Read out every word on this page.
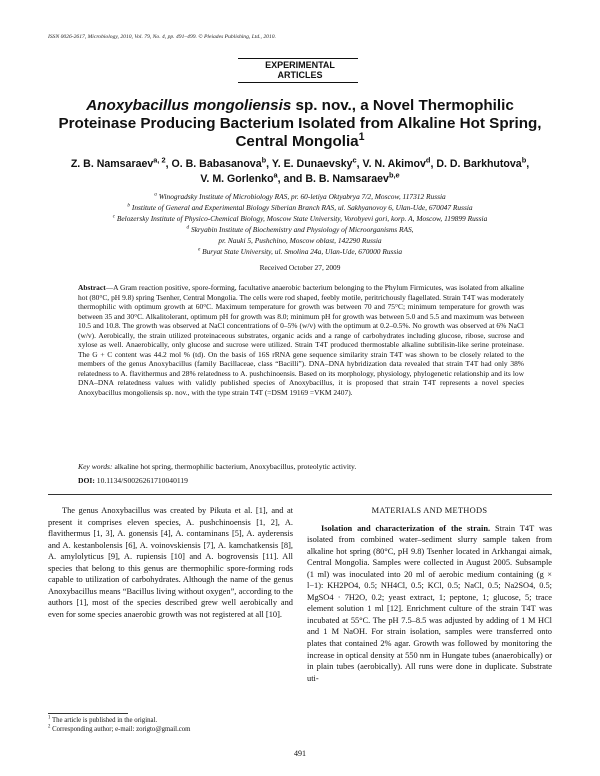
ISSN 0026-2617, Microbiology, 2010, Vol. 79, No. 4, pp. 491–499. © Pleiades Publishing, Ltd., 2010.
EXPERIMENTAL
ARTICLES
Anoxybacillus mongoliensis sp. nov., a Novel Thermophilic
Proteinase Producing Bacterium Isolated from Alkaline Hot Spring,
Central Mongolia$^1$
Z. B. Namsaraev$^{a, 2}$, O. B. Babasanova$^b$, Y. E. Dunaevsky$^c$, V. N. Akimov$^d$, D. D. Barkhutova$^b$,
V. M. Gorlenko$^a$, and B. B. Namsaraev$^{b,e}$
$^a$ Winogradsky Institute of Microbiology RAS, pr. 60-letiya Oktyabrya 7/2, Moscow, 117312 Russia
$^b$ Institute of General and Experimental Biology Siberian Branch RAS, ul. Sakhyanovoy 6, Ulan-Ude, 670047 Russia
$^c$ Belozersky Institute of Physico-Chemical Biology, Moscow State University, Vorobyevi gori, korp. A, Moscow, 119899 Russia
$^d$ Skryabin Institute of Biochemistry and Physiology of Microorganisms RAS,
pr. Nauki 5, Pushchino, Moscow oblast, 142290 Russia
$^e$ Buryat State University, ul. Smolina 24a, Ulan-Ude, 670000 Russia
Received October 27, 2009
Abstract—A Gram reaction positive, spore-forming, facultative anaerobic bacterium belonging to the Phylum Firmicutes, was isolated from alkaline hot (80°C, pH 9.8) spring Tsenher, Central Mongolia. The cells were rod shaped, feebly motile, peritrichously flagellated. Strain T4T was moderately thermophilic with optimum growth at 60°C. Maximum temperature for growth was between 70 and 75°C; minimum temperature for growth was between 35 and 30°C. Alkalitolerant, optimum pH for growth was 8.0; minimum pH for growth was between 5.0 and 5.5 and maximum was between 10.5 and 10.8. The growth was observed at NaCl concentrations of 0–5% (w/v) with the optimum at 0.2–0.5%. No growth was observed at 6% NaCl (w/v). Aerobically, the strain utilized proteinaceous substrates, organic acids and a range of carbohydrates including glucose, ribose, sucrose and xylose as well. Anaerobically, only glucose and sucrose were utilized. Strain T4T produced thermostable alkaline subtilisin-like serine proteinase. The G + C content was 44.2 mol % (td). On the basis of 16S rRNA gene sequence similarity strain T4T was shown to be closely related to the members of the genus Anoxybacillus (family Bacillaceae, class “Bacilli”). DNA–DNA hybridization data revealed that strain T4T had only 38% relatedness to A. flavithermus and 28% relatedness to A. pushchinoensis. Based on its morphology, physiology, phylogenetic relationship and its low DNA–DNA relatedness values with validly published species of Anoxybacillus, it is proposed that strain T4T represents a novel species Anoxybacillus mongoliensis sp. nov., with the type strain T4T (=DSM 19169 =VKM 2407).
Key words: alkaline hot spring, thermophilic bacterium, Anoxybacillus, proteolytic activity.
DOI: 10.1134/S0026261710040119

The genus Anoxybacillus was created by Pikuta et al. [1], and at present it comprises eleven species, A. pushchinoensis [1, 2], A. flavithermus [1, 3], A. gonensis [4], A. contaminans [5], A. ayderensis and A. kestanbolensis [6], A. voinovskiensis [7], A. kamchatkensis [8], A. amylolyticus [9], A. rupiensis [10] and A. bogrovensis [11]. All species that belong to this genus are thermophilic spore-forming rods capable to utilization of carbohydrates. Although the name of the genus Anoxybacillus means “Bacillus living without oxygen”, according to the authors [1], most of the species described grew well aerobically and even for some species anaerobic growth was not registered at all [10].

MATERIALS AND METHODS

Isolation and characterization of the strain. Strain T4T was isolated from combined water–sediment slurry sample taken from alkaline hot spring (80°C, pH 9.8) Tsenher located in Arkhangai aimak, Central Mongolia. Samples were collected in August 2005. Subsample (1 ml) was inoculated into 20 ml of aerobic medium containing (g × l−1): KH2PO4, 0.5; NH4Cl, 0.5; KCl, 0.5; NaCl, 0.5; Na2SO4, 0.5; MgSO4 · 7H2O, 0.2; yeast extract, 1; peptone, 1; glucose, 5; trace element solution 1 ml [12]. Enrichment culture of the strain T4T was incubated at 55°C. The pH 7.5–8.5 was adjusted by adding of 1 M HCl and 1 M NaOH. For strain isolation, samples were transferred onto plates that contained 2% agar. Growth was followed by monitoring the increase in optical density at 550 nm in Hungate tubes (anaerobically) or in plain tubes (aerobically). All runs were done in duplicate. Substrate uti-

$^1$ The article is published in the original.
$^2$ Corresponding author; e-mail: zorigto@gmail.com
491
